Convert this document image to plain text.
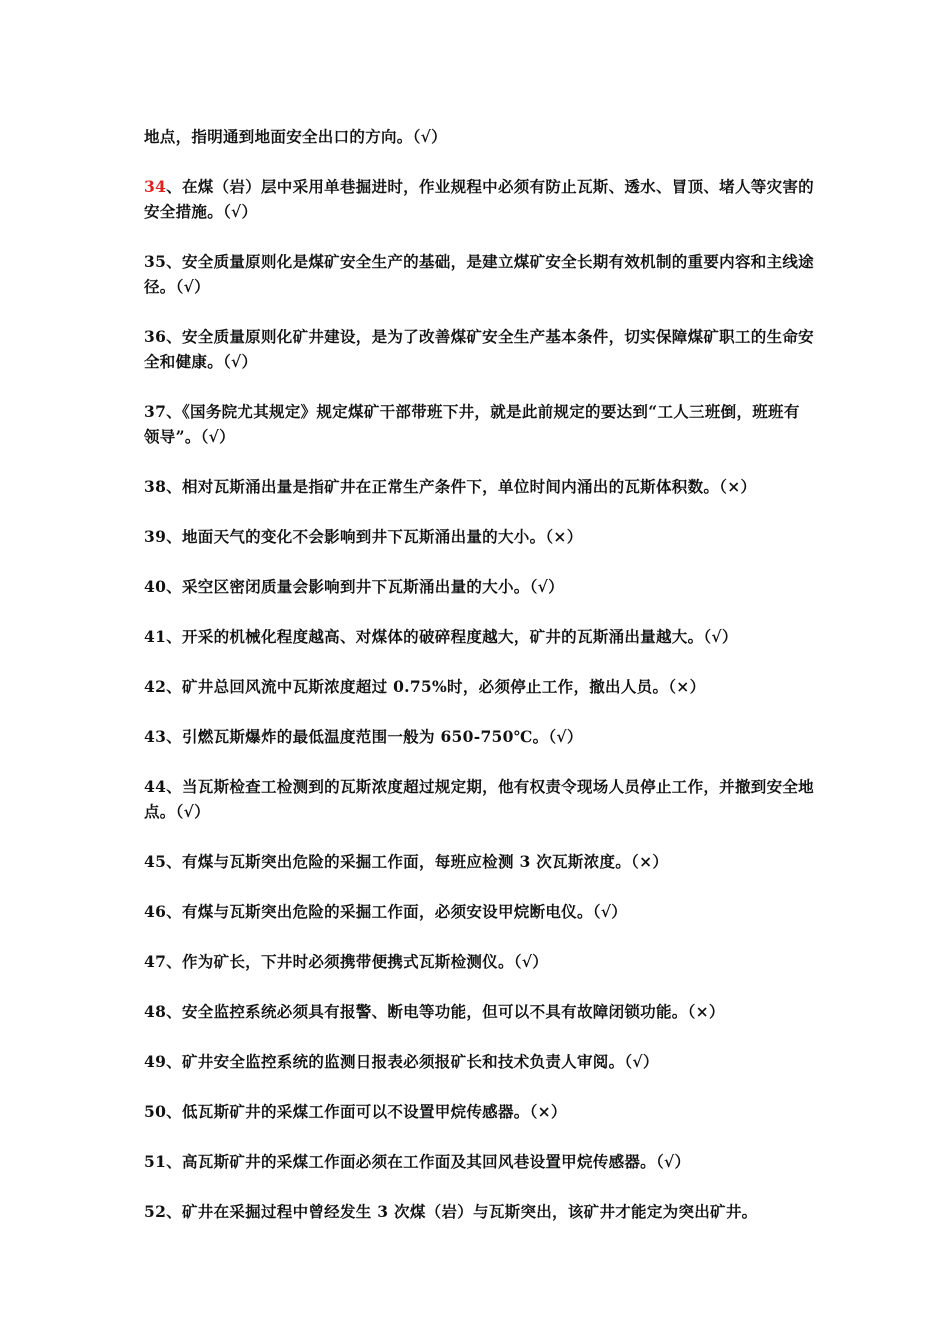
地点，指明通到地面安全出口的方向。（√）

34、在煤（岩）层中采用单巷掘进时，作业规程中必须有防止瓦斯、透水、冒顶、堵人等灾害的安全措施。（√）

35、安全质量原则化是煤矿安全生产的基础，是建立煤矿安全长期有效机制的重要内容和主线途径。（√）

36、安全质量原则化矿井建设，是为了改善煤矿安全生产基本条件，切实保障煤矿职工的生命安全和健康。（√）

37、《国务院尤其规定》规定煤矿干部带班下井，就是此前规定的要达到“工人三班倒，班班有领导”。（√）

38、相对瓦斯涌出量是指矿井在正常生产条件下，单位时间内涌出的瓦斯体积数。（×）

39、地面天气的变化不会影响到井下瓦斯涌出量的大小。（×）

40、采空区密闭质量会影响到井下瓦斯涌出量的大小。（√）

41、开采的机械化程度越高、对煤体的破碎程度越大，矿井的瓦斯涌出量越大。（√）

42、矿井总回风流中瓦斯浓度超过 0.75%时，必须停止工作，撤出人员。（×）

43、引燃瓦斯爆炸的最低温度范围一般为 650-750℃。（√）

44、当瓦斯检查工检测到的瓦斯浓度超过规定期，他有权责令现场人员停止工作，并撤到安全地点。（√）

45、有煤与瓦斯突出危险的采掘工作面，每班应检测 3 次瓦斯浓度。（×）

46、有煤与瓦斯突出危险的采掘工作面，必须安设甲烷断电仪。（√）

47、作为矿长，下井时必须携带便携式瓦斯检测仪。（√）

48、安全监控系统必须具有报警、断电等功能，但可以不具有故障闭锁功能。（×）

49、矿井安全监控系统的监测日报表必须报矿长和技术负责人审阅。（√）

50、低瓦斯矿井的采煤工作面可以不设置甲烷传感器。（×）

51、高瓦斯矿井的采煤工作面必须在工作面及其回风巷设置甲烷传感器。（√）

52、矿井在采掘过程中曾经发生 3 次煤（岩）与瓦斯突出，该矿井才能定为突出矿井。
